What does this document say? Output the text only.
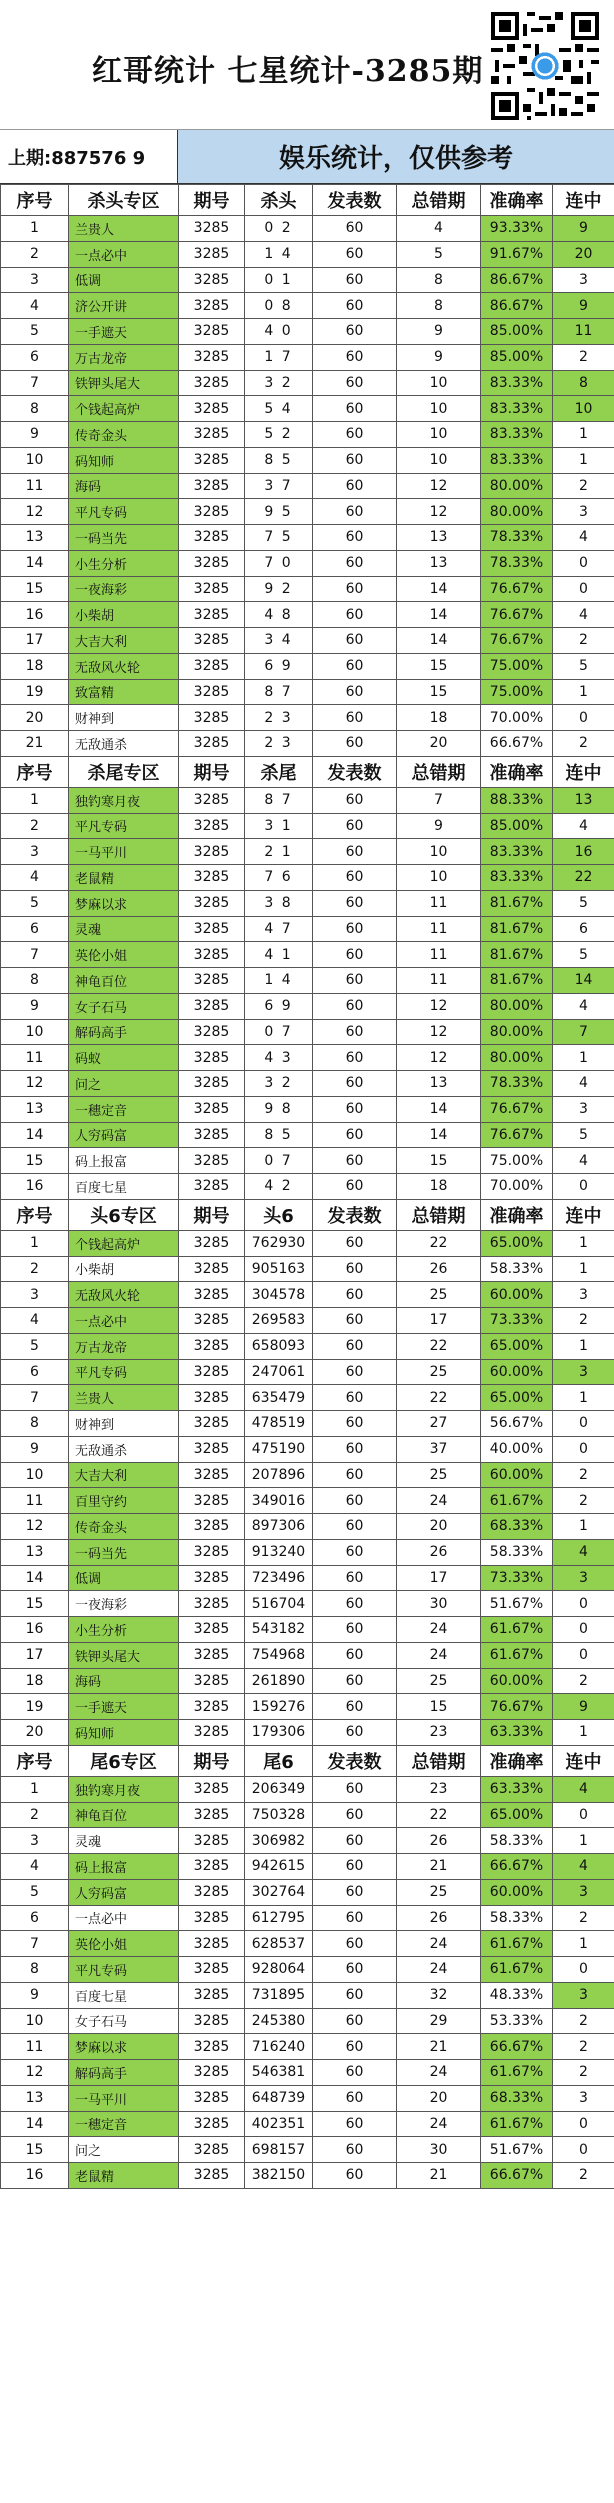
红哥统计 七星统计-3285期
上期:887576 9	娱乐统计，仅供参考
序号	杀头专区	期号	杀头	发表数	总错期	准确率	连中
1	兰贵人	3285	0 2	60	4	93.33%	9
2	一点必中	3285	1 4	60	5	91.67%	20
3	低调	3285	0 1	60	8	86.67%	3
4	济公开讲	3285	0 8	60	8	86.67%	9
5	一手遮天	3285	4 0	60	9	85.00%	11
6	万古龙帝	3285	1 7	60	9	85.00%	2
7	铁钾头尾大	3285	3 2	60	10	83.33%	8
8	个钱起高炉	3285	5 4	60	10	83.33%	10
9	传奇金头	3285	5 2	60	10	83.33%	1
10	码知师	3285	8 5	60	10	83.33%	1
11	海码	3285	3 7	60	12	80.00%	2
12	平凡专码	3285	9 5	60	12	80.00%	3
13	一码当先	3285	7 5	60	13	78.33%	4
14	小生分析	3285	7 0	60	13	78.33%	0
15	一夜海彩	3285	9 2	60	14	76.67%	0
16	小柴胡	3285	4 8	60	14	76.67%	4
17	大吉大利	3285	3 4	60	14	76.67%	2
18	无敌风火轮	3285	6 9	60	15	75.00%	5
19	致富精	3285	8 7	60	15	75.00%	1
20	财神到	3285	2 3	60	18	70.00%	0
21	无敌通杀	3285	2 3	60	20	66.67%	2
序号	杀尾专区	期号	杀尾	发表数	总错期	准确率	连中
1	独钓寒月夜	3285	8 7	60	7	88.33%	13
2	平凡专码	3285	3 1	60	9	85.00%	4
3	一马平川	3285	2 1	60	10	83.33%	16
4	老鼠精	3285	7 6	60	10	83.33%	22
5	梦麻以求	3285	3 8	60	11	81.67%	5
6	灵魂	3285	4 7	60	11	81.67%	6
7	英伦小姐	3285	4 1	60	11	81.67%	5
8	神龟百位	3285	1 4	60	11	81.67%	14
9	女子石马	3285	6 9	60	12	80.00%	4
10	解码高手	3285	0 7	60	12	80.00%	7
11	码蚁	3285	4 3	60	12	80.00%	1
12	问之	3285	3 2	60	13	78.33%	4
13	一穗定音	3285	9 8	60	14	76.67%	3
14	人穷码富	3285	8 5	60	14	76.67%	5
15	码上报富	3285	0 7	60	15	75.00%	4
16	百度七星	3285	4 2	60	18	70.00%	0
序号	头6专区	期号	头6	发表数	总错期	准确率	连中
1	个钱起高炉	3285	762930	60	22	65.00%	1
2	小柴胡	3285	905163	60	26	58.33%	1
3	无敌风火轮	3285	304578	60	25	60.00%	3
4	一点必中	3285	269583	60	17	73.33%	2
5	万古龙帝	3285	658093	60	22	65.00%	1
6	平凡专码	3285	247061	60	25	60.00%	3
7	兰贵人	3285	635479	60	22	65.00%	1
8	财神到	3285	478519	60	27	56.67%	0
9	无敌通杀	3285	475190	60	37	40.00%	0
10	大吉大利	3285	207896	60	25	60.00%	2
11	百里守约	3285	349016	60	24	61.67%	2
12	传奇金头	3285	897306	60	20	68.33%	1
13	一码当先	3285	913240	60	26	58.33%	4
14	低调	3285	723496	60	17	73.33%	3
15	一夜海彩	3285	516704	60	30	51.67%	0
16	小生分析	3285	543182	60	24	61.67%	0
17	铁钾头尾大	3285	754968	60	24	61.67%	0
18	海码	3285	261890	60	25	60.00%	2
19	一手遮天	3285	159276	60	15	76.67%	9
20	码知师	3285	179306	60	23	63.33%	1
序号	尾6专区	期号	尾6	发表数	总错期	准确率	连中
1	独钓寒月夜	3285	206349	60	23	63.33%	4
2	神龟百位	3285	750328	60	22	65.00%	0
3	灵魂	3285	306982	60	26	58.33%	1
4	码上报富	3285	942615	60	21	66.67%	4
5	人穷码富	3285	302764	60	25	60.00%	3
6	一点必中	3285	612795	60	26	58.33%	2
7	英伦小姐	3285	628537	60	24	61.67%	1
8	平凡专码	3285	928064	60	24	61.67%	0
9	百度七星	3285	731895	60	32	48.33%	3
10	女子石马	3285	245380	60	29	53.33%	2
11	梦麻以求	3285	716240	60	21	66.67%	2
12	解码高手	3285	546381	60	24	61.67%	2
13	一马平川	3285	648739	60	20	68.33%	3
14	一穗定音	3285	402351	60	24	61.67%	0
15	问之	3285	698157	60	30	51.67%	0
16	老鼠精	3285	382150	60	21	66.67%	2
